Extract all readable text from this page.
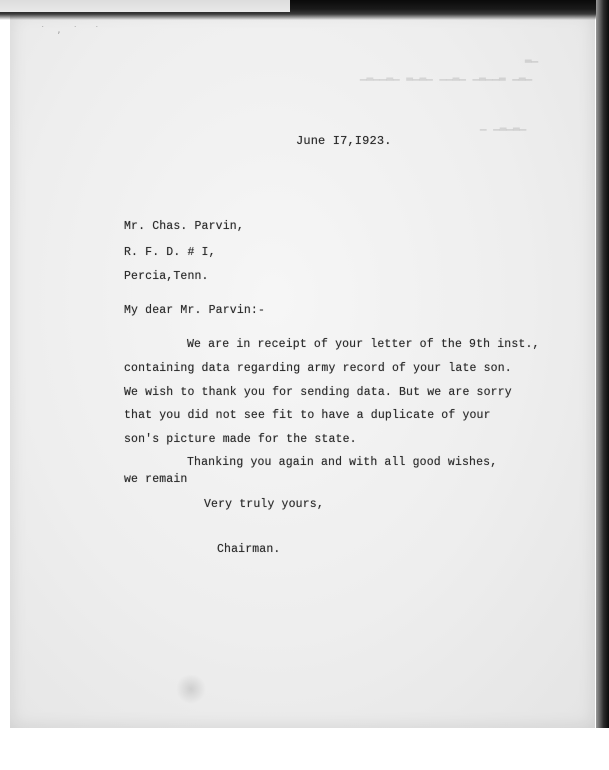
▁▂▁ ▂▁▁▂▁ ▁▂▁▁ ▁▂▁▂ ▁▂▁▁▂▁
▁▂▁▂▁ ▁
▁▂
˙  ,  ˙   ˙
June I7,I923.
Mr. Chas. Parvin,
R. F. D. # I,
Percia,Tenn.
My dear Mr. Parvin:-
We are in receipt of your letter of the 9th inst.,
containing data regarding army record of your late son.
We wish to thank you for sending data. But we are sorry
that you did not see fit to have a duplicate of your
son's picture made for the state.
Thanking you again and with all good wishes,
we remain
Very truly yours,
Chairman.
